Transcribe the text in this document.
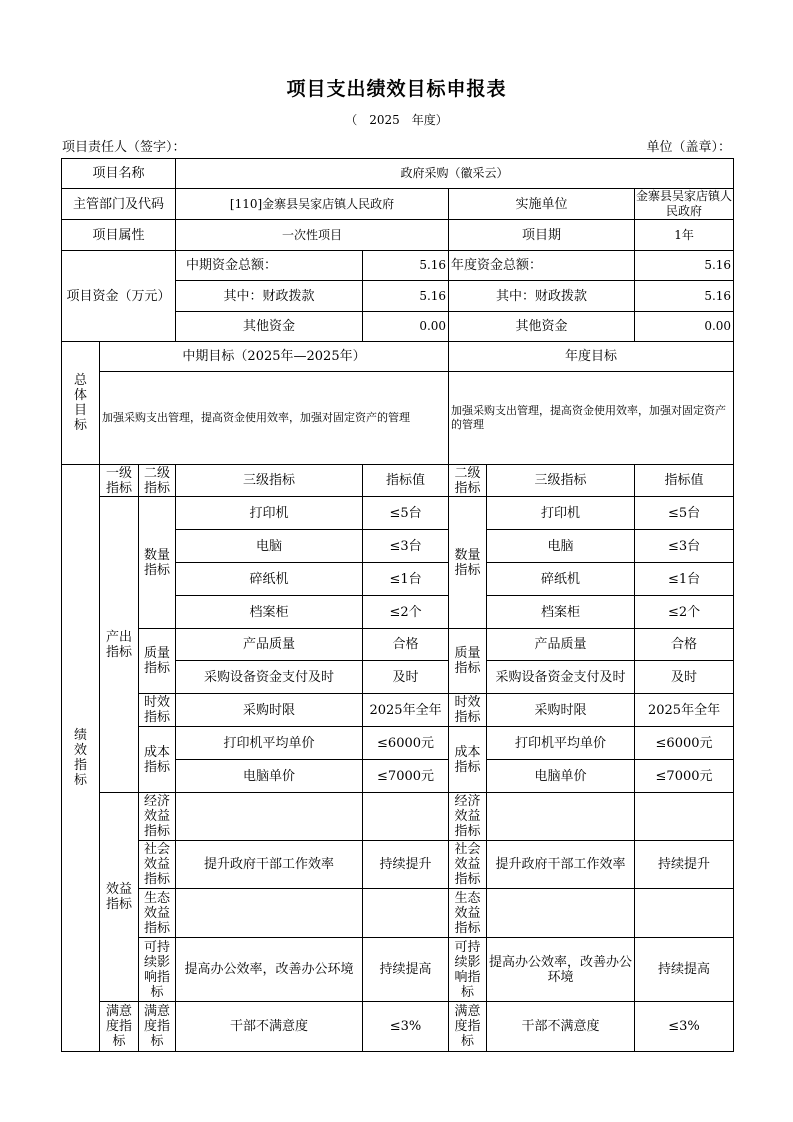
项目支出绩效目标申报表
（　2025　年度）
项目责任人（签字）：	单位（盖章）：
项目名称			政府采购（徽采云）				
主管部门及代码			[110]金寨县吴家店镇人民政府		实施单位		金寨县吴家店镇人民政府
项目属性			一次性项目		项目期		1年
项目资金（万元）			中期资金总额：	5.16	年度资金总额：		5.16
			其中：财政拨款	5.16	其中：财政拨款		5.16
			其他资金	0.00	其他资金		0.00
总体目标	中期目标（2025年—2025年）				年度目标		
	加强采购支出管理，提高资金使用效率，加强对固定资产的管理				加强采购支出管理，提高资金使用效率，加强对固定资产的管理		
绩效指标	一级指标	二级指标	三级指标	指标值	二级指标	三级指标	指标值
	产出指标	数量指标	打印机	≤5台	数量指标	打印机	≤5台
			电脑	≤3台		电脑	≤3台
			碎纸机	≤1台		碎纸机	≤1台
			档案柜	≤2个		档案柜	≤2个
		质量指标	产品质量	合格	质量指标	产品质量	合格
			采购设备资金支付及时	及时		采购设备资金支付及时	及时
		时效指标	采购时限	2025年全年	时效指标	采购时限	2025年全年
		成本指标	打印机平均单价	≤6000元	成本指标	打印机平均单价	≤6000元
			电脑单价	≤7000元		电脑单价	≤7000元
	效益指标	经济效益指标			经济效益指标		
		社会效益指标	提升政府干部工作效率	持续提升	社会效益指标	提升政府干部工作效率	持续提升
		生态效益指标			生态效益指标		
		可持续影响指标	提高办公效率，改善办公环境	持续提高	可持续影响指标	提高办公效率，改善办公环境	持续提高
	满意度指标	满意度指标	干部不满意度	≤3%	满意度指标	干部不满意度	≤3%
